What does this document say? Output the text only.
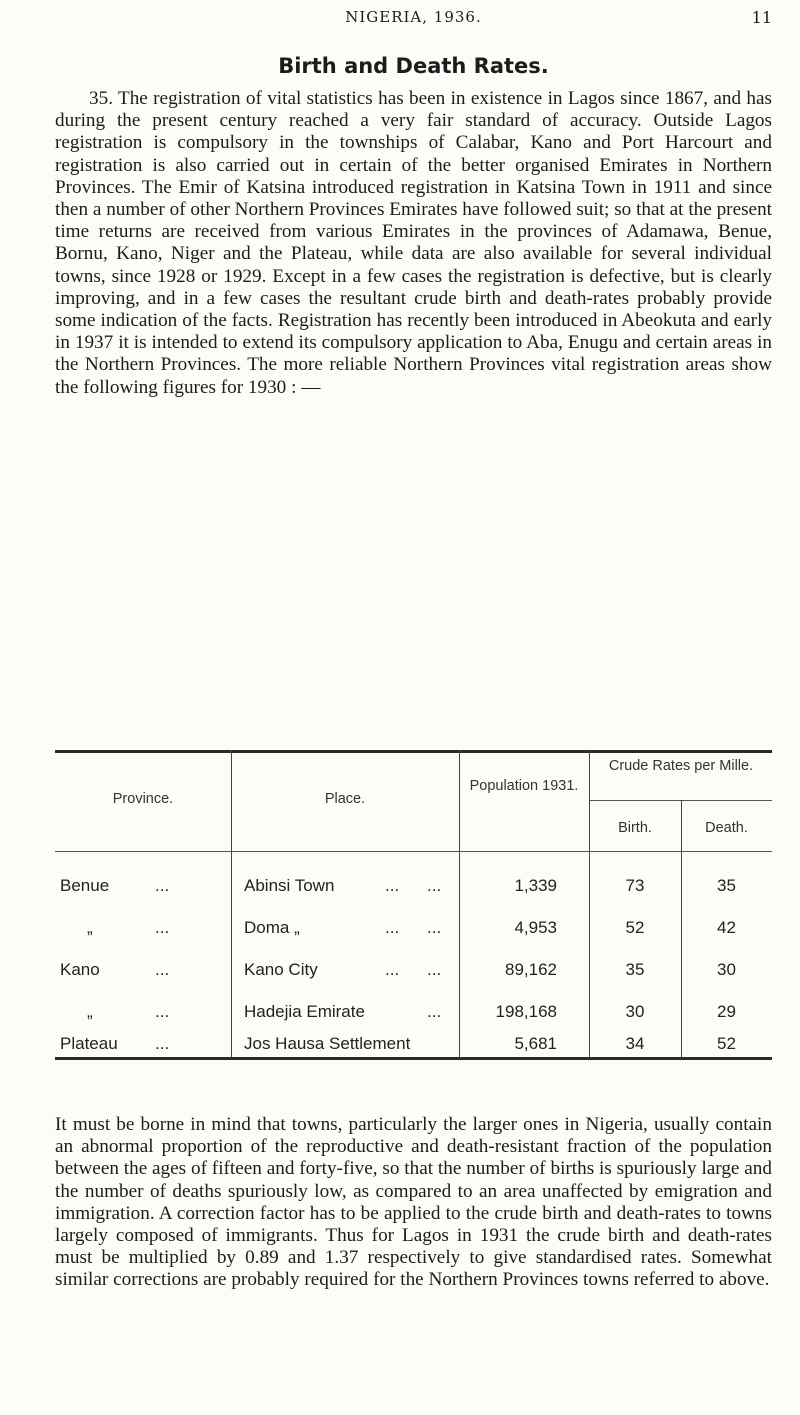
NIGERIA, 1936.	11
Birth and Death Rates.

35. The registration of vital statistics has been in existence in Lagos since 1867, and has during the present century reached a very fair standard of accuracy. Outside Lagos registration is compulsory in the townships of Calabar, Kano and Port Harcourt and registration is also carried out in certain of the better organised Emirates in Northern Provinces. The Emir of Katsina introduced registration in Katsina Town in 1911 and since then a number of other Northern Provinces Emirates have followed suit; so that at the present time returns are received from various Emirates in the provinces of Adamawa, Benue, Bornu, Kano, Niger and the Plateau, while data are also available for several individual towns, since 1928 or 1929. Except in a few cases the registration is defective, but is clearly improving, and in a few cases the resultant crude birth and death-rates probably provide some indication of the facts. Registration has recently been introduced in Abeokuta and early in 1937 it is intended to extend its compulsory application to Aba, Enugu and certain areas in the Northern Provinces. The more reliable Northern Provinces vital registration areas show the following figures for 1930 : —

Province.	Place.
Population 1931.
Crude Rates per Mille.
Birth.	Death.
Benue	...	Abinsi Town	... ...	1,339	73	35
„	...	Doma „	... ...	4,953	52	42
Kano	...	Kano City	... ...	89,162	35	30
„	...	Hadejia Emirate	...	198,168	30	29
Plateau ...	Jos Hausa Settlement	5,681	34	52

It must be borne in mind that towns, particularly the larger ones in Nigeria, usually contain an abnormal proportion of the reproductive and death-resistant fraction of the population between the ages of fifteen and forty-five, so that the number of births is spuriously large and the number of deaths spuriously low, as compared to an area unaffected by emigration and immigration. A correction factor has to be applied to the crude birth and death-rates to towns largely composed of immigrants. Thus for Lagos in 1931 the crude birth and death-rates must be multiplied by 0.89 and 1.37 respectively to give standardised rates. Somewhat similar corrections are probably required for the Northern Provinces towns referred to above.
